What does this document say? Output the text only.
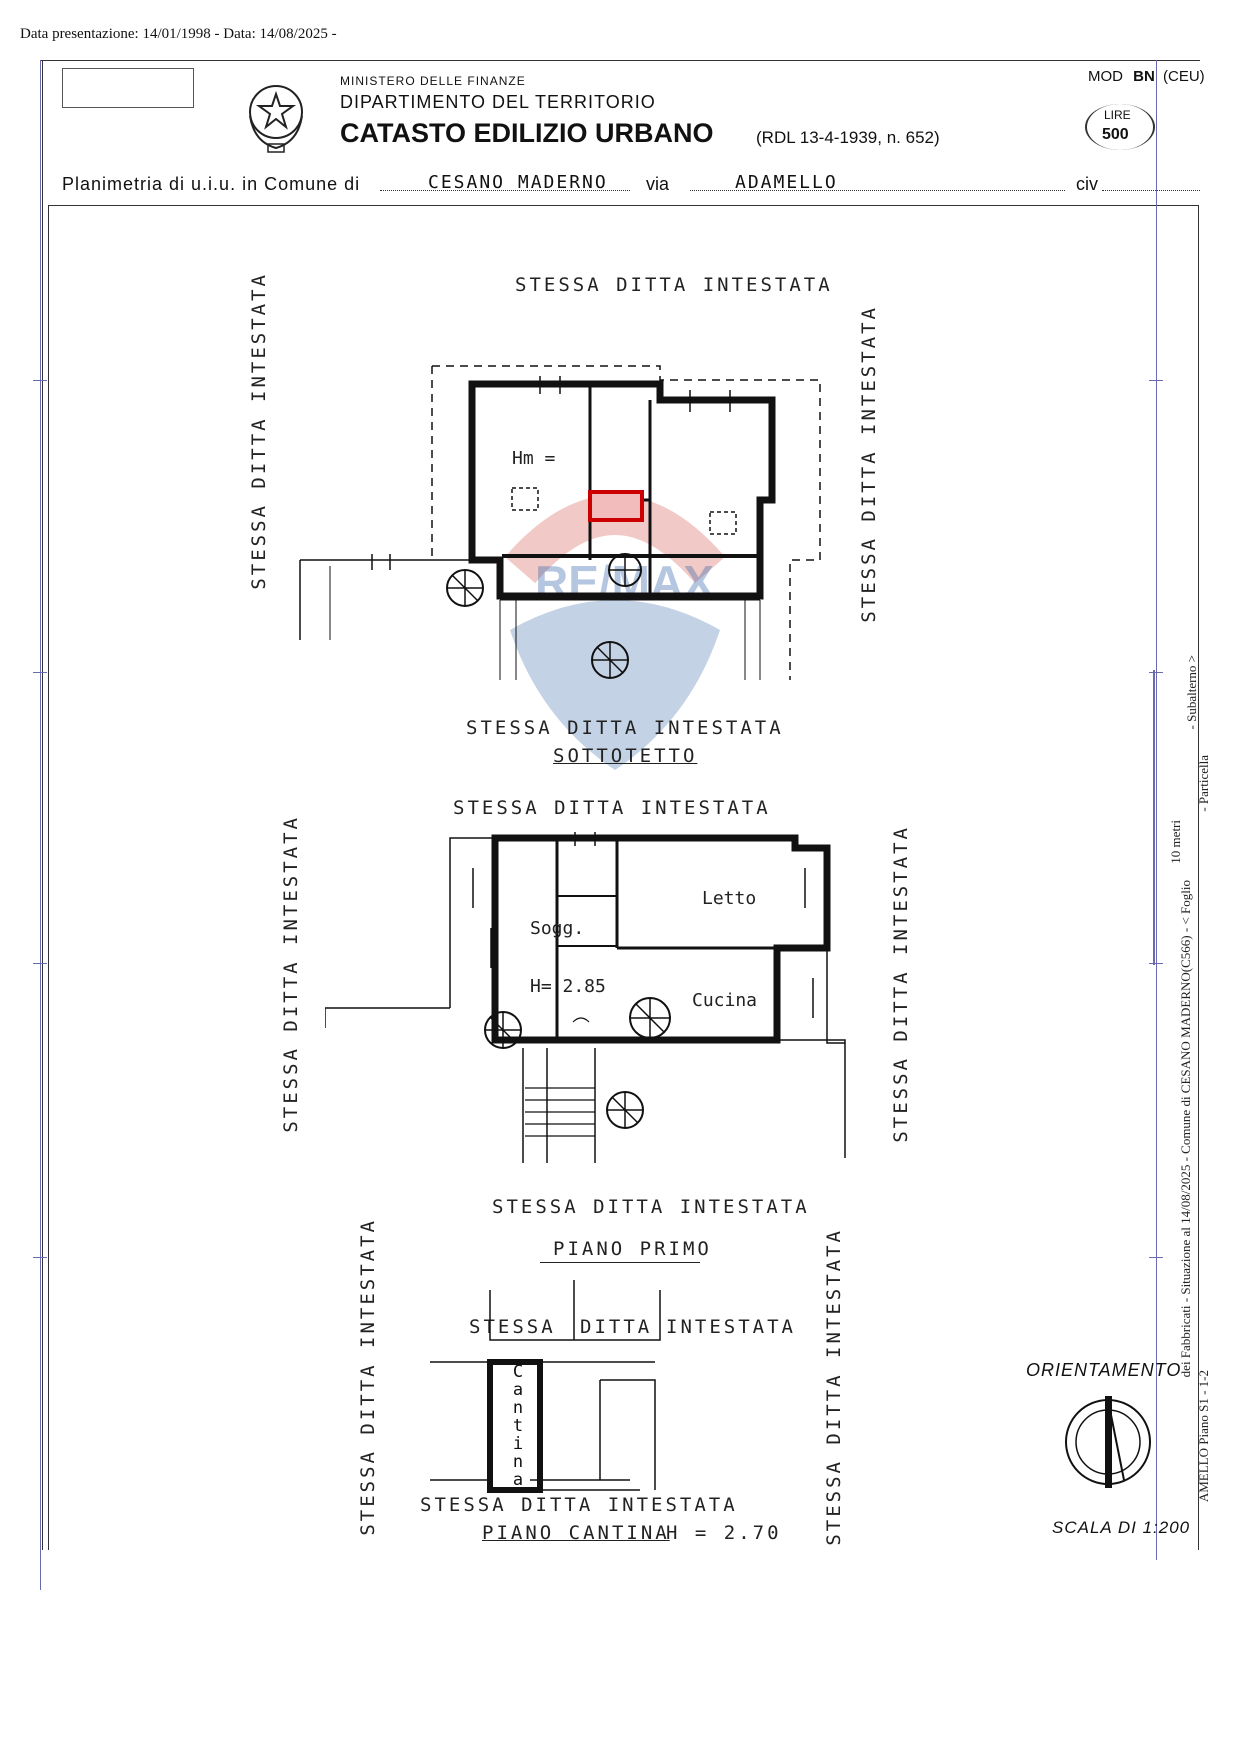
Data presentazione: 14/01/1998 - Data: 14/08/2025 -
MINISTERO DELLE FINANZE
DIPARTIMENTO DEL TERRITORIO
CATASTO EDILIZIO URBANO	(RDL 13-4-1939, n. 652)
MOD BN (CEU)
LIRE
500
Planimetria di u.i.u. in Comune di	CESANO MADERNO via	ADAMELLO	civ
RE/MAX
STESSA DITTA INTESTATA
STESSA DITTA INTESTATA	STESSA DITTA INTESTATA
Hm =
STESSA DITTA INTESTATA
SOTTOTETTO
STESSA DITTA INTESTATA
STESSA DITTA INTESTATA	STESSA DITTA INTESTATA
Sogg.
H= 2.85
Letto
Cucina
STESSA DITTA INTESTATA
PIANO PRIMO
STESSA DITTA INTESTATA
STESSA DITTA INTESTATA	STESSA DITTA INTESTATA
Cantina
STESSA DITTA INTESTATA
PIANO CANTINA
H = 2.70
ORIENTAMENTO
SCALA DI 1:200
10 metri
dei Fabbricati - Situazione al 14/08/2025 - Comune di CESANO MADERNO(C566) - < Foglio
AMELLO Piano S1 - 1-2
- Particella
- Subalterno >
